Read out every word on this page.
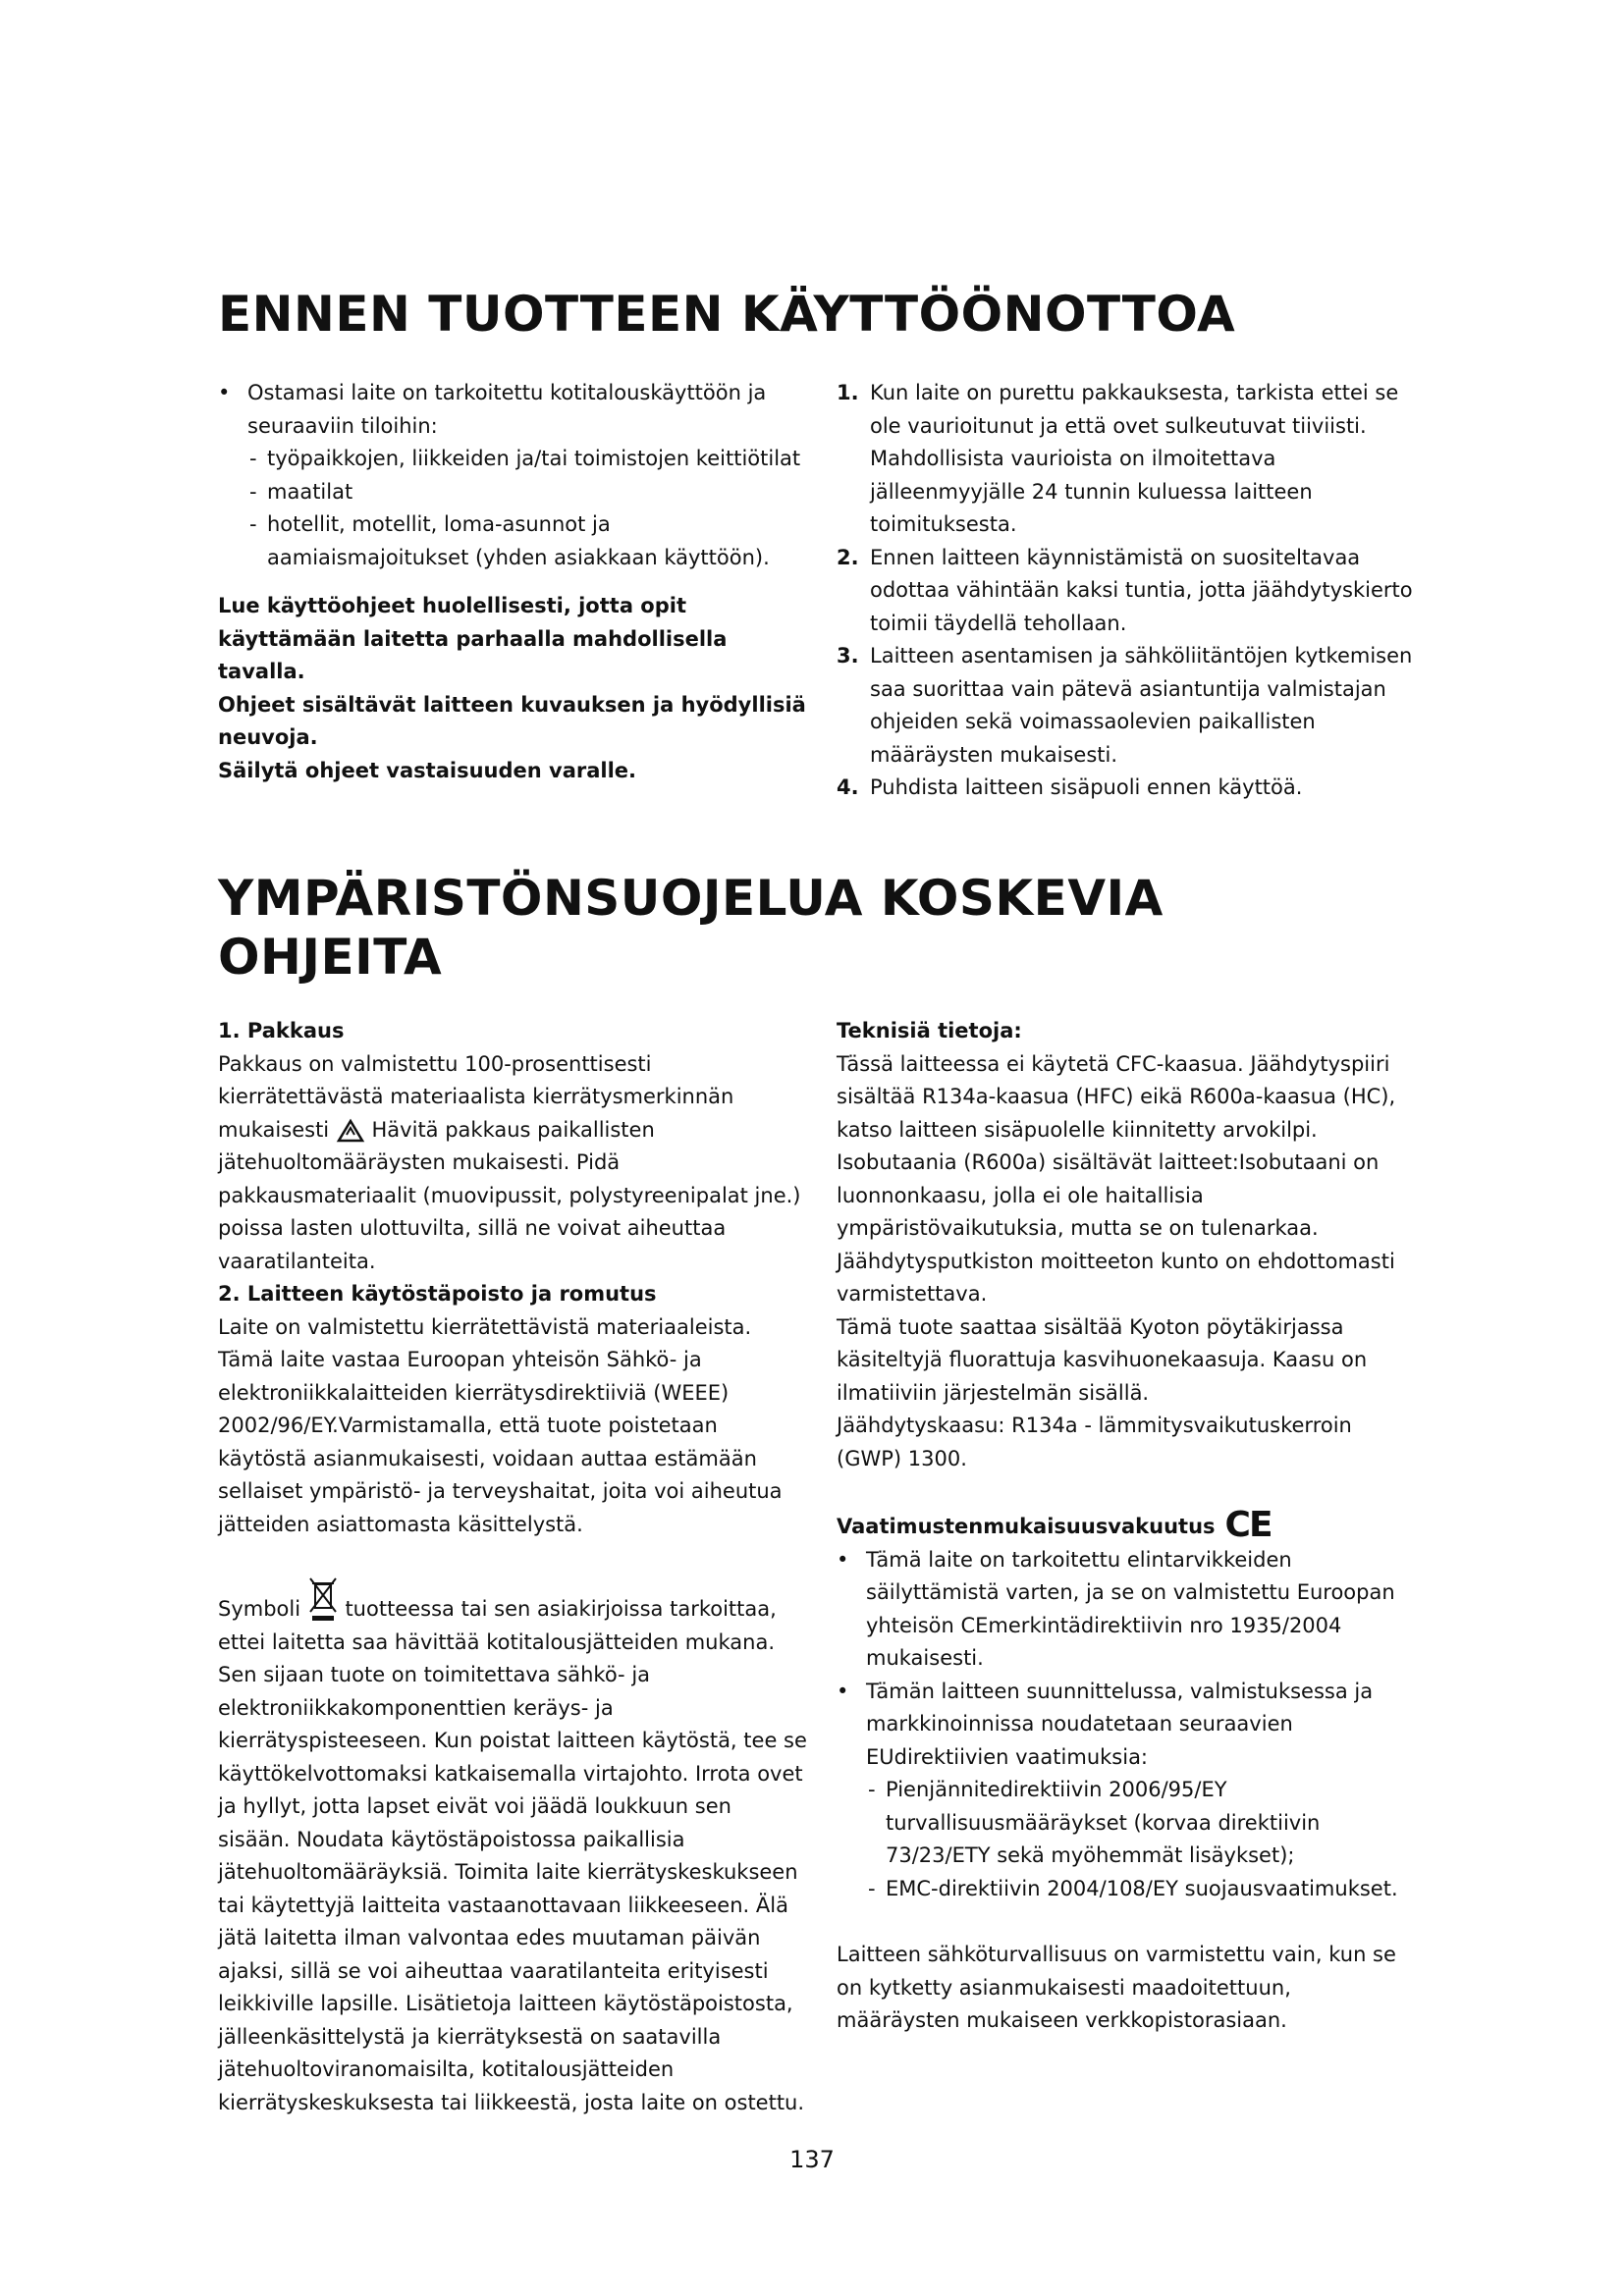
ENNEN TUOTTEEN KÄYTTÖÖNOTTOA
• Ostamasi laite on tarkoitettu kotitalouskäyttöön ja seuraaviin tiloihin:
- työpaikkojen, liikkeiden ja/tai toimistojen keittiötilat
- maatilat
- hotellit, motellit, loma-asunnot ja aamiaismajoitukset (yhden asiakkaan käyttöön).

Lue käyttöohjeet huolellisesti, jotta opit käyttämään laitetta parhaalla mahdollisella tavalla.

Ohjeet sisältävät laitteen kuvauksen ja hyödyllisiä neuvoja.

Säilytä ohjeet vastaisuuden varalle.

1. Kun laite on purettu pakkauksesta, tarkista ettei se ole vaurioitunut ja että ovet sulkeutuvat tiiviisti. Mahdollisista vaurioista on ilmoitettava jälleenmyyjälle 24 tunnin kuluessa laitteen toimituksesta.
2. Ennen laitteen käynnistämistä on suositeltavaa odottaa vähintään kaksi tuntia, jotta jäähdytyskierto toimii täydellä tehollaan.
3. Laitteen asentamisen ja sähköliitäntöjen kytkemisen saa suorittaa vain pätevä asiantuntija valmistajan ohjeiden sekä voimassaolevien paikallisten määräysten mukaisesti.
4. Puhdista laitteen sisäpuoli ennen käyttöä.
YMPÄRISTÖNSUOJELUA KOSKEVIA
OHJEITA

1. Pakkaus

Pakkaus on valmistettu 100-prosenttisesti kierrätettävästä materiaalista kierrätysmerkinnän mukaisesti Hävitä pakkaus paikallisten jätehuoltomääräysten mukaisesti. Pidä pakkausmateriaalit (muovipussit, polystyreenipalat jne.) poissa lasten ulottuvilta, sillä ne voivat aiheuttaa vaaratilanteita.

2. Laitteen käytöstäpoisto ja romutus

Laite on valmistettu kierrätettävistä materiaaleista. Tämä laite vastaa Euroopan yhteisön Sähkö- ja elektroniikkalaitteiden kierrätysdirektiiviä (WEEE) 2002/96/EY.Varmistamalla, että tuote poistetaan käytöstä asianmukaisesti, voidaan auttaa estämään sellaiset ympäristö- ja terveyshaitat, joita voi aiheutua jätteiden asiattomasta käsittelystä.

Symboli tuotteessa tai sen asiakirjoissa tarkoittaa, ettei laitetta saa hävittää kotitalousjätteiden mukana. Sen sijaan tuote on toimitettava sähkö- ja elektroniikkakomponenttien keräys- ja kierrätyspisteeseen. Kun poistat laitteen käytöstä, tee se käyttökelvottomaksi katkaisemalla virtajohto. Irrota ovet ja hyllyt, jotta lapset eivät voi jäädä loukkuun sen sisään. Noudata käytöstäpoistossa paikallisia jätehuoltomääräyksiä. Toimita laite kierrätyskeskukseen tai käytettyjä laitteita vastaanottavaan liikkeeseen. Älä jätä laitetta ilman valvontaa edes muutaman päivän ajaksi, sillä se voi aiheuttaa vaaratilanteita erityisesti leikkiville lapsille. Lisätietoja laitteen käytöstäpoistosta, jälleenkäsittelystä ja kierrätyksestä on saatavilla jätehuoltoviranomaisilta, kotitalousjätteiden kierrätyskeskuksesta tai liikkeestä, josta laite on ostettu.

Teknisiä tietoja:

Tässä laitteessa ei käytetä CFC-kaasua. Jäähdytyspiiri sisältää R134a-kaasua (HFC) eikä R600a-kaasua (HC), katso laitteen sisäpuolelle kiinnitetty arvokilpi.

Isobutaania (R600a) sisältävät laitteet:Isobutaani on luonnonkaasu, jolla ei ole haitallisia ympäristövaikutuksia, mutta se on tulenarkaa.

Jäähdytysputkiston moitteeton kunto on ehdottomasti varmistettava.

Tämä tuote saattaa sisältää Kyoton pöytäkirjassa käsiteltyjä fluorattuja kasvihuonekaasuja. Kaasu on ilmatiiviin järjestelmän sisällä.

Jäähdytyskaasu: R134a - lämmitysvaikutuskerroin (GWP) 1300.

Vaatimustenmukaisuusvakuutus CE

• Tämä laite on tarkoitettu elintarvikkeiden säilyttämistä varten, ja se on valmistettu Euroopan yhteisön CEmerkintädirektiivin nro 1935/2004 mukaisesti.
• Tämän laitteen suunnittelussa, valmistuksessa ja markkinoinnissa noudatetaan seuraavien EUdirektiivien vaatimuksia:
- Pienjännitedirektiivin 2006/95/EY turvallisuusmääräykset (korvaa direktiivin 73/23/ETY sekä myöhemmät lisäykset);
- EMC-direktiivin 2004/108/EY suojausvaatimukset.

Laitteen sähköturvallisuus on varmistettu vain, kun se on kytketty asianmukaisesti maadoitettuun, määräysten mukaiseen verkkopistorasiaan.

137
